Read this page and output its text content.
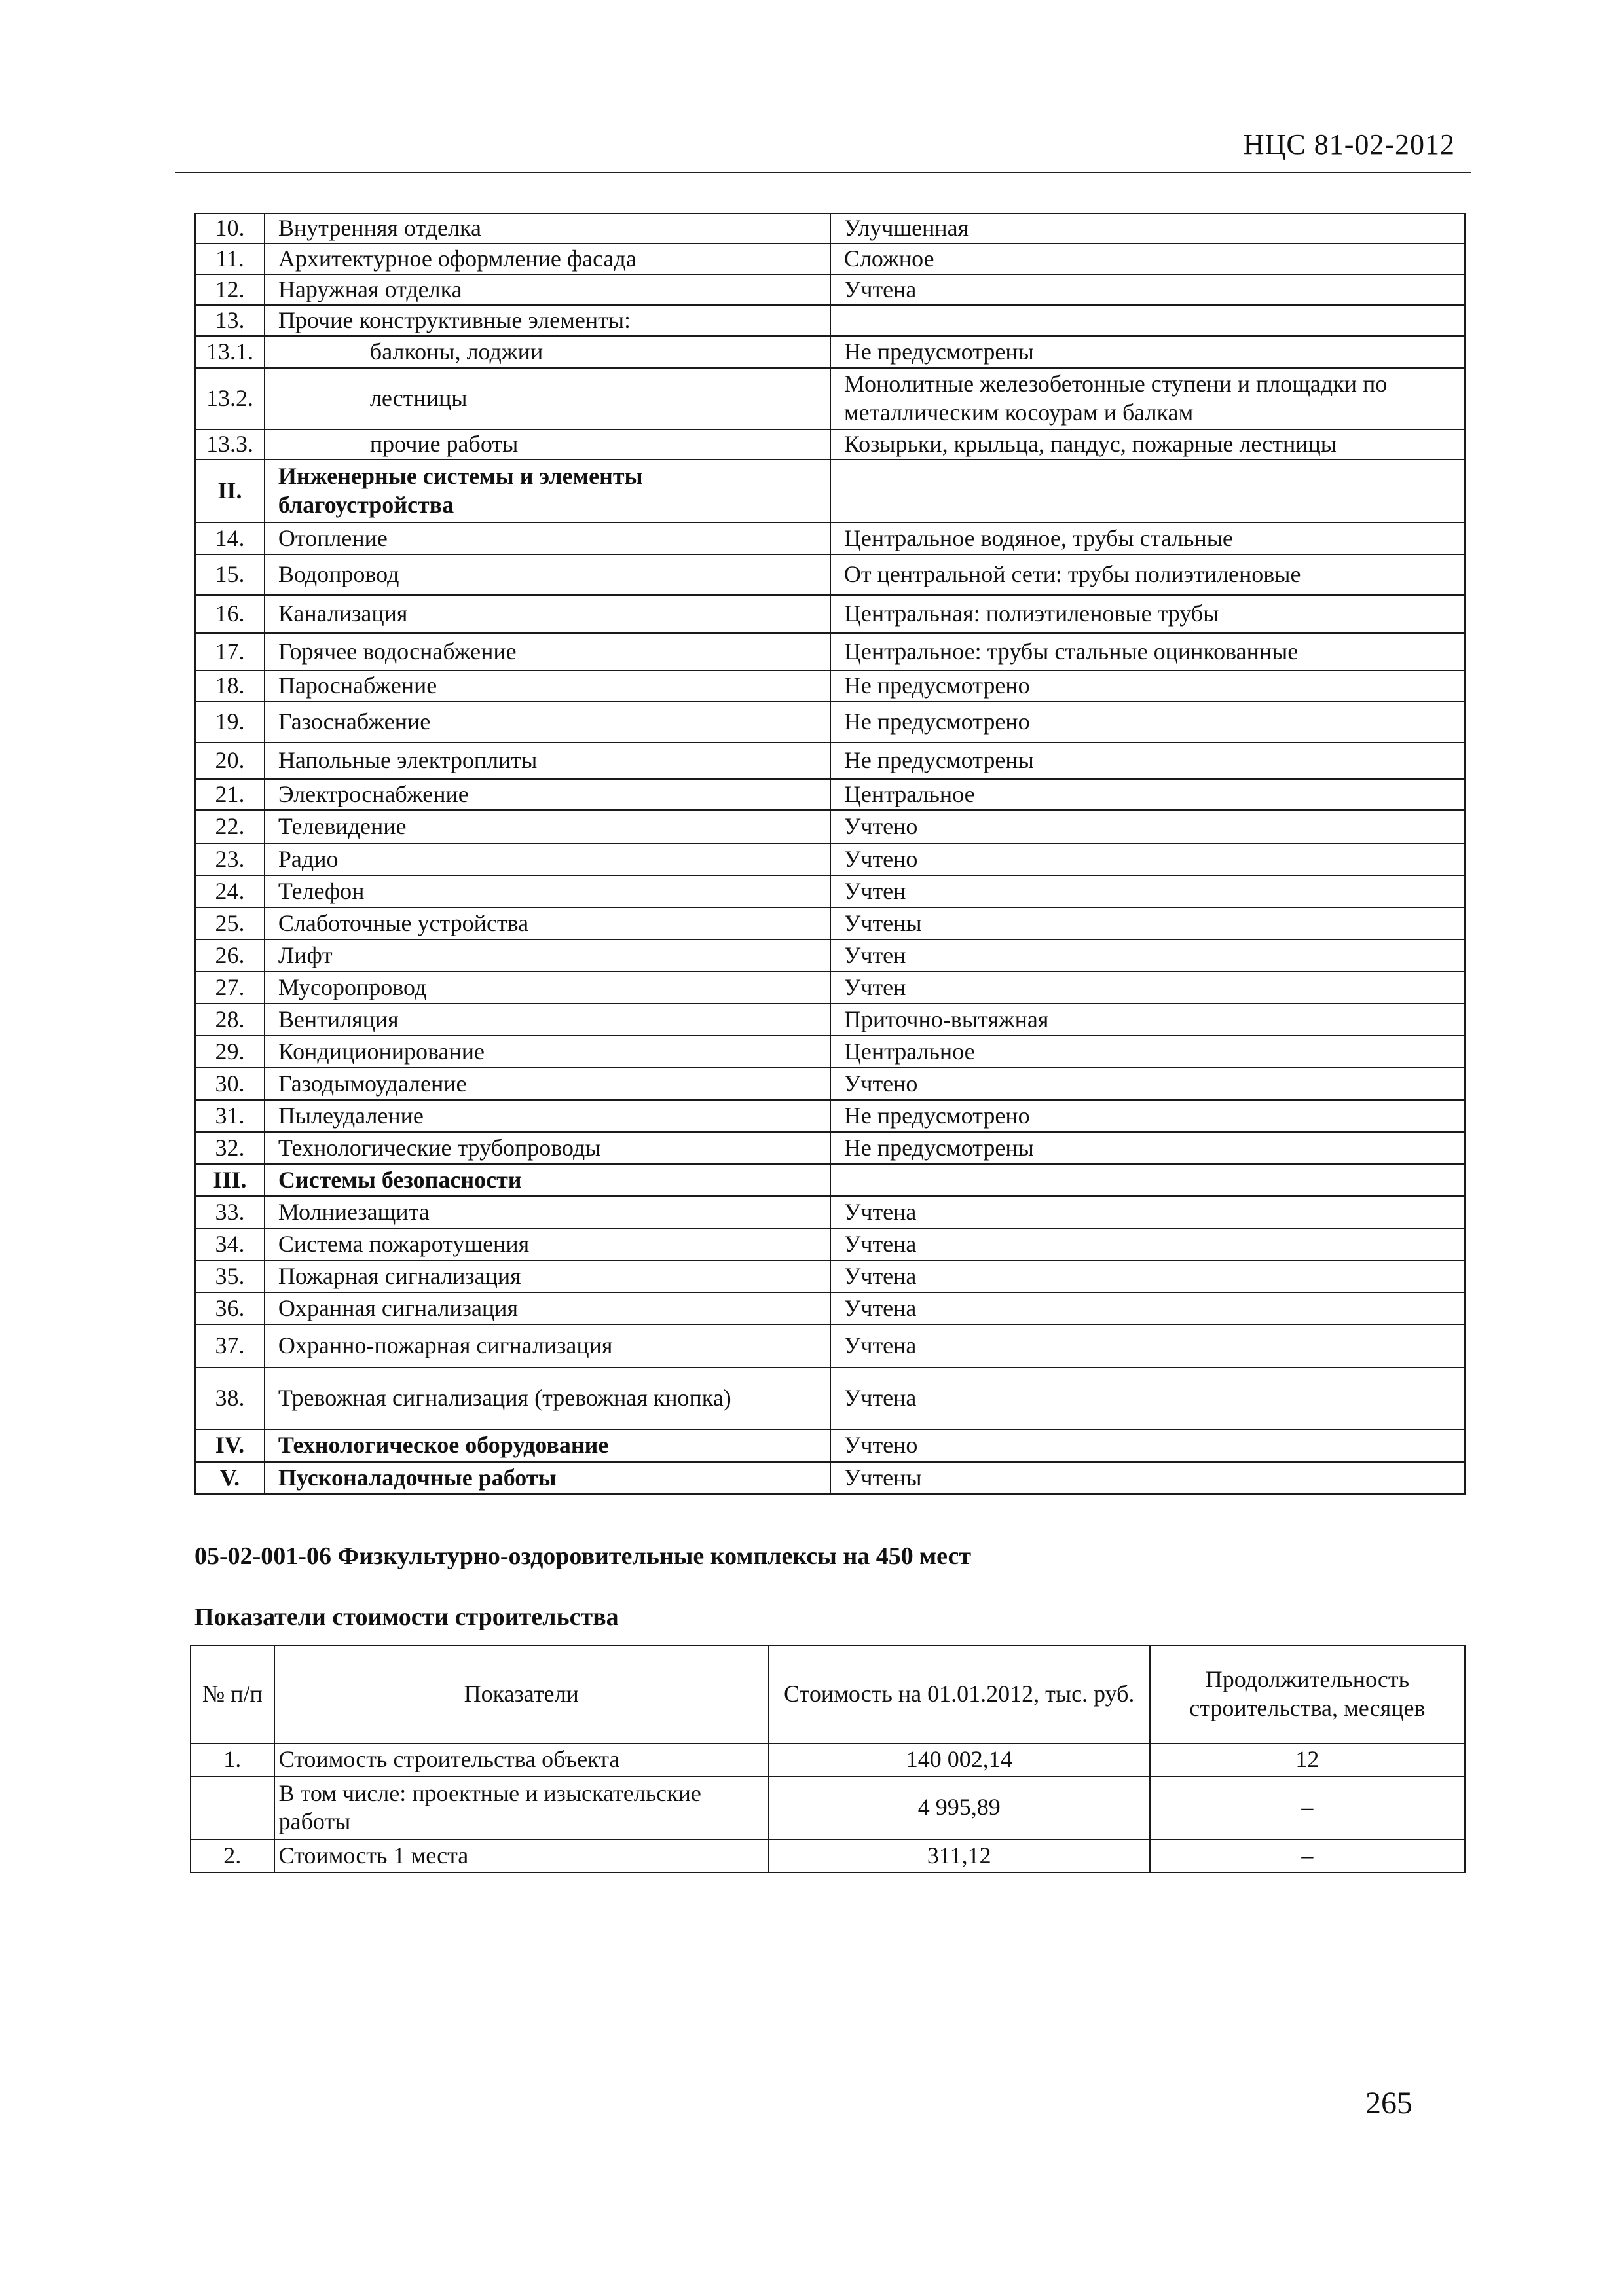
НЦС 81-02-2012
10.	Внутренняя отделка	Улучшенная
11.	Архитектурное оформление фасада	Сложное
12.	Наружная отделка	Учтена
13.	Прочие конструктивные элементы:	
13.1.	балконы, лоджии	Не предусмотрены
13.2.	лестницы	Монолитные железобетонные ступени и площадки по металлическим косоурам и балкам
13.3.	прочие работы	Козырьки, крыльца, пандус, пожарные лестницы
II.	Инженерные системы и элементы благоустройства	
14.	Отопление	Центральное водяное, трубы стальные
15.	Водопровод	От центральной сети: трубы полиэтиленовые
16.	Канализация	Центральная: полиэтиленовые трубы
17.	Горячее водоснабжение	Центральное: трубы стальные оцинкованные
18.	Пароснабжение	Не предусмотрено
19.	Газоснабжение	Не предусмотрено
20.	Напольные электроплиты	Не предусмотрены
21.	Электроснабжение	Центральное
22.	Телевидение	Учтено
23.	Радио	Учтено
24.	Телефон	Учтен
25.	Слаботочные устройства	Учтены
26.	Лифт	Учтен
27.	Мусоропровод	Учтен
28.	Вентиляция	Приточно-вытяжная
29.	Кондиционирование	Центральное
30.	Газодымоудаление	Учтено
31.	Пылеудаление	Не предусмотрено
32.	Технологические трубопроводы	Не предусмотрены
III.	Системы безопасности	
33.	Молниезащита	Учтена
34.	Система пожаротушения	Учтена
35.	Пожарная сигнализация	Учтена
36.	Охранная сигнализация	Учтена
37.	Охранно-пожарная сигнализация	Учтена
38.	Тревожная сигнализация (тревожная кнопка)	Учтена
IV.	Технологическое оборудование	Учтено
V.	Пусконаладочные работы	Учтены
05-02-001-06 Физкультурно-оздоровительные комплексы на 450 мест
Показатели стоимости строительства
№ п/п	Показатели	Стоимость на 01.01.2012, тыс. руб.	Продолжительность строительства, месяцев
1.	Стоимость строительства объекта	140 002,14	12
	В том числе: проектные и изыскательские работы	4 995,89	–
2.	Стоимость 1 места	311,12	–
265
